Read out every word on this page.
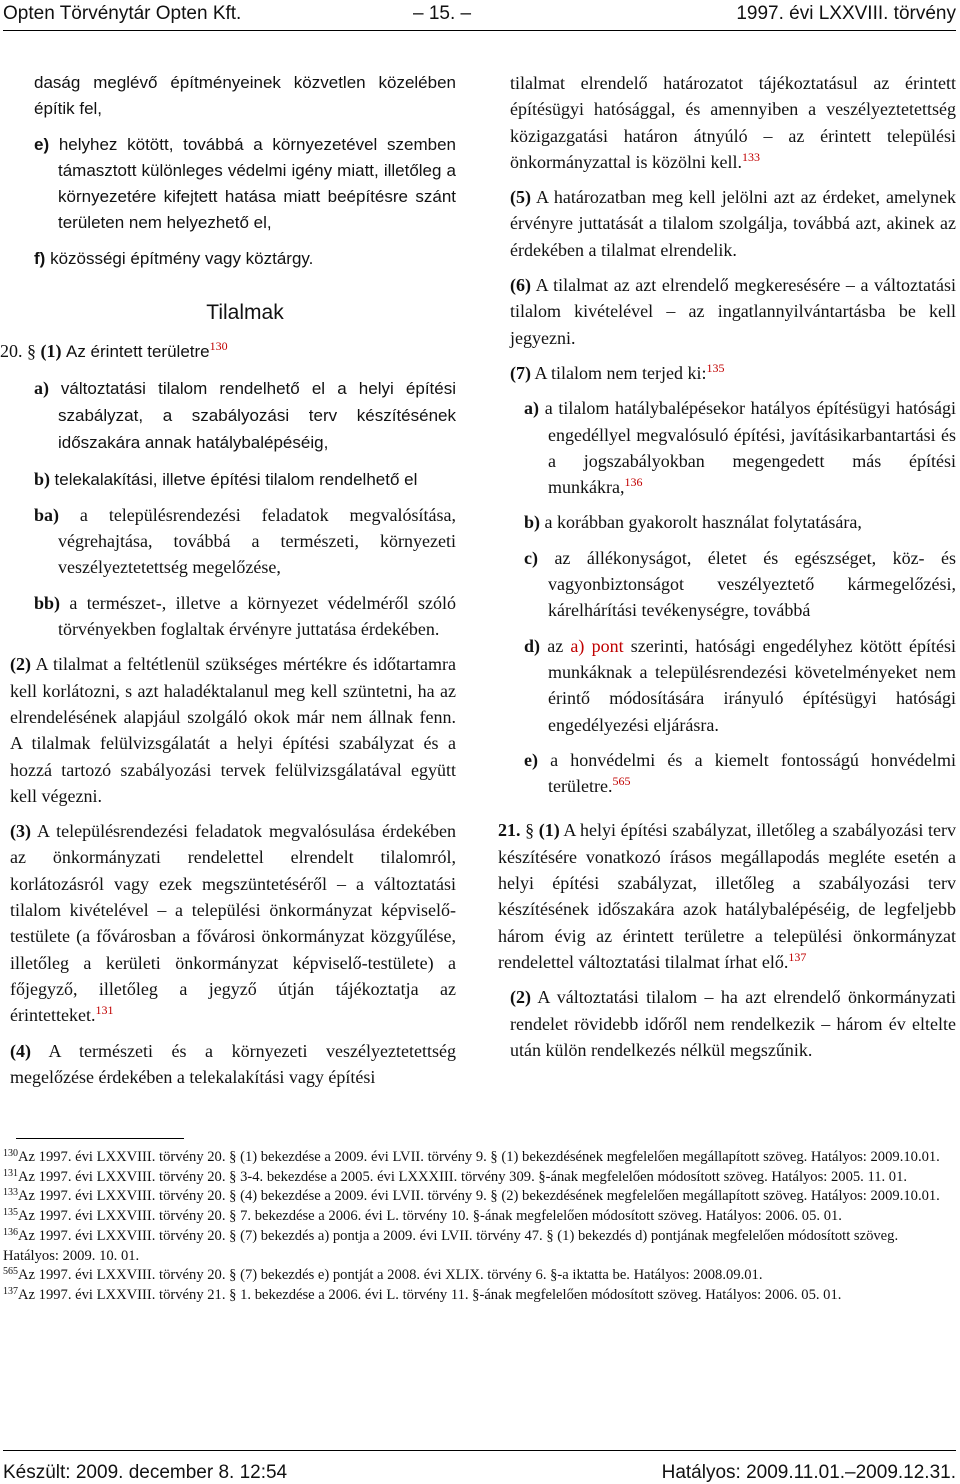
Opten Törvénytár Opten Kft.	– 15. –	1997. évi LXXVIII. törvény

daság meglévő építményeinek közvetlen közelében építik fel,

e) helyhez kötött, továbbá a környezetével szemben támasztott különleges védelmi igény miatt, illetőleg a környezetére kifejtett hatása miatt beépítésre szánt területen nem helyezhető el,

f) közösségi építmény vagy köztárgy.

Tilalmak

20. § (1) Az érintett területre$^{130}$

a) változtatási tilalom rendelhető el a helyi építési szabályzat, a szabályozási terv készítésének időszakára annak hatálybalépéséig,

b) telekalakítási, illetve építési tilalom rendelhető el

ba) a településrendezési feladatok megvalósítása, végrehajtása, továbbá a természeti, környezeti veszélyeztetettség megelőzése,

bb) a természet-, illetve a környezet védelméről szóló törvényekben foglaltak érvényre juttatása érdekében.

(2) A tilalmat a feltétlenül szükséges mértékre és időtartamra kell korlátozni, s azt haladéktalanul meg kell szüntetni, ha az elrendelésének alapjául szolgáló okok már nem állnak fenn. A tilalmak felülvizsgálatát a helyi építési szabályzat és a hozzá tartozó szabályozási tervek felülvizsgálatával együtt kell végezni.

(3) A településrendezési feladatok megvalósulása érdekében az önkormányzati rendelettel elrendelt tilalomról, korlátozásról vagy ezek megszüntetéséről – a változtatási tilalom kivételével – a települési önkormányzat képviselő-testülete (a fővárosban a fővárosi önkormányzat közgyűlése, illetőleg a kerületi önkormányzat képviselő-testülete) a főjegyző, illetőleg a jegyző útján tájékoztatja az érintetteket.$^{131}$

(4) A természeti és a környezeti veszélyeztetettség megelőzése érdekében a telekalakítási vagy építési

tilalmat elrendelő határozatot tájékoztatásul az érintett építésügyi hatósággal, és amennyiben a veszélyeztetettség közigazgatási határon átnyúló – az érintett települési önkormányzattal is közölni kell.$^{133}$

(5) A határozatban meg kell jelölni azt az érdeket, amelynek érvényre juttatását a tilalom szolgálja, továbbá azt, akinek az érdekében a tilalmat elrendelik.

(6) A tilalmat az azt elrendelő megkeresésére – a változtatási tilalom kivételével – az ingatlannyilvántartásba be kell jegyezni.

(7) A tilalom nem terjed ki:$^{135}$

a) a tilalom hatálybalépésekor hatályos építésügyi hatósági engedéllyel megvalósuló építési, javításikarbantartási és a jogszabályokban megengedett más építési munkákra,$^{136}$

b) a korábban gyakorolt használat folytatására,

c) az állékonyságot, életet és egészséget, köz- és vagyonbiztonságot veszélyeztető kármegelőzési, kárelhárítási tevékenységre, továbbá

d) az a) pont szerinti, hatósági engedélyhez kötött építési munkáknak a településrendezési követelményeket nem érintő módosítására irányuló építésügyi hatósági engedélyezési eljárásra.

e) a honvédelmi és a kiemelt fontosságú honvédelmi területre.$^{565}$

21. § (1) A helyi építési szabályzat, illetőleg a szabályozási terv készítésére vonatkozó írásos megállapodás megléte esetén a helyi építési szabályzat, illetőleg a szabályozási terv készítésének időszakára azok hatálybalépéséig, de legfeljebb három évig az érintett területre a települési önkormányzat rendelettel változtatási tilalmat írhat elő.$^{137}$

(2) A változtatási tilalom – ha azt elrendelő önkormányzati rendelet rövidebb időről nem rendelkezik – három év eltelte után külön rendelkezés nélkül megszűnik.

$^{130}$Az 1997. évi LXXVIII. törvény 20. § (1) bekezdése a 2009. évi LVII. törvény 9. § (1) bekezdésének megfelelően megállapított szöveg. Hatályos: 2009.10.01.
$^{131}$Az 1997. évi LXXVIII. törvény 20. § 3-4. bekezdése a 2005. évi LXXXIII. törvény 309. §-ának megfelelően módosított szöveg. Hatályos: 2005. 11. 01.
$^{133}$Az 1997. évi LXXVIII. törvény 20. § (4) bekezdése a 2009. évi LVII. törvény 9. § (2) bekezdésének megfelelően megállapított szöveg. Hatályos: 2009.10.01.
$^{135}$Az 1997. évi LXXVIII. törvény 20. § 7. bekezdése a 2006. évi L. törvény 10. §-ának megfelelően módosított szöveg. Hatályos: 2006. 05. 01.
$^{136}$Az 1997. évi LXXVIII. törvény 20. § (7) bekezdés a) pontja a 2009. évi LVII. törvény 47. § (1) bekezdés d) pontjának megfelelően módosított szöveg. Hatályos: 2009. 10. 01.
$^{565}$Az 1997. évi LXXVIII. törvény 20. § (7) bekezdés e) pontját a 2008. évi XLIX. törvény 6. §-a iktatta be. Hatályos: 2008.09.01.
$^{137}$Az 1997. évi LXXVIII. törvény 21. § 1. bekezdése a 2006. évi L. törvény 11. §-ának megfelelően módosított szöveg. Hatályos: 2006. 05. 01.
Készült: 2009. december 8. 12:54	Hatályos: 2009.11.01.–2009.12.31.
